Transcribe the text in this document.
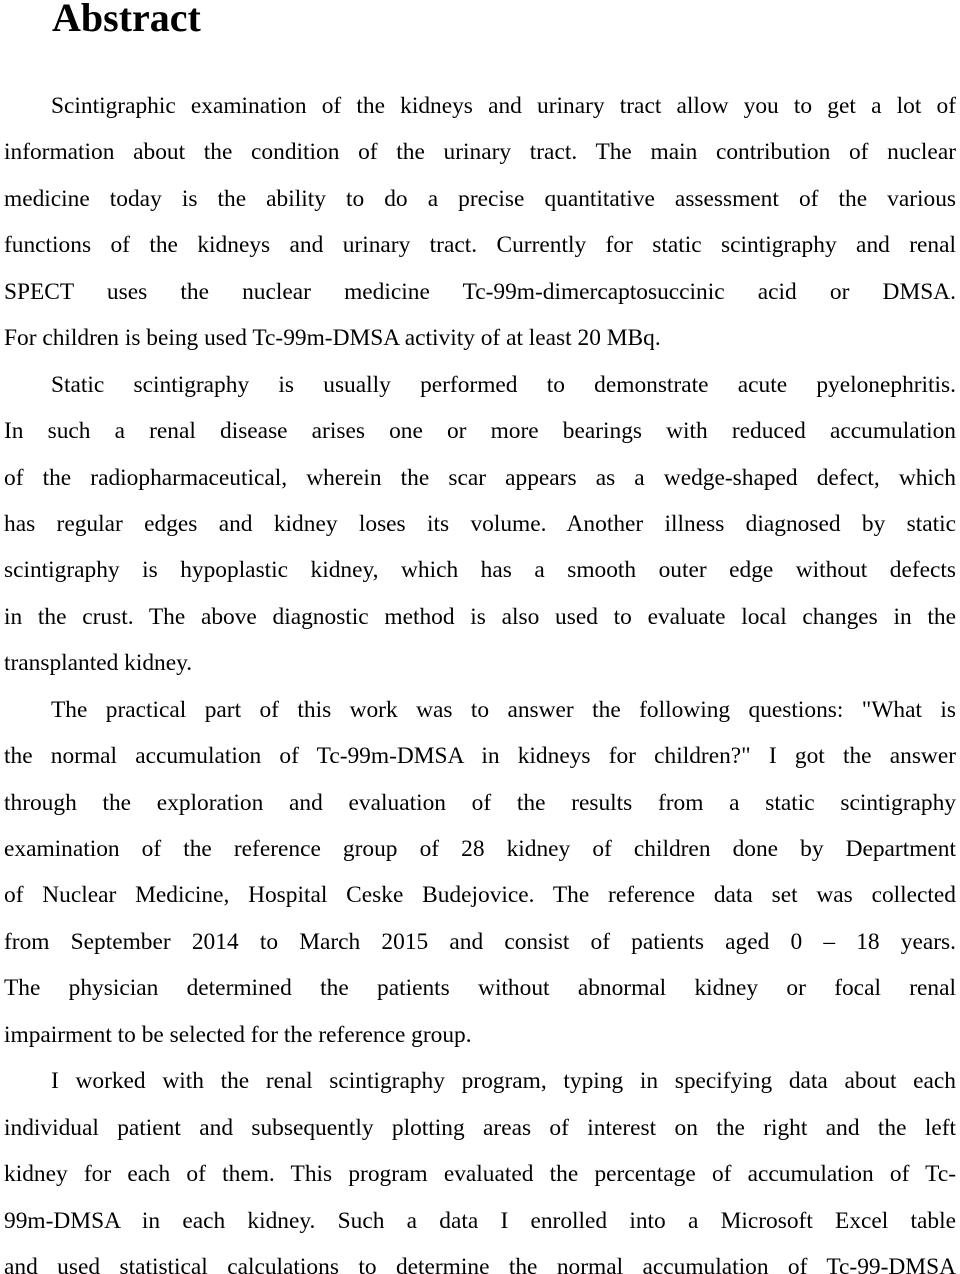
Abstract
Scintigraphic examination of the kidneys and urinary tract allow you to get a lot of
information about the condition of the urinary tract. The main contribution of nuclear
medicine today is the ability to do a precise quantitative assessment of the various
functions of the kidneys and urinary tract. Currently for static scintigraphy and renal
SPECT uses the nuclear medicine Tc-99m-dimercaptosuccinic acid or DMSA.
For children is being used Tc-99m-DMSA activity of at least 20 MBq.
Static scintigraphy is usually performed to demonstrate acute pyelonephritis.
In such a renal disease arises one or more bearings with reduced accumulation
of the radiopharmaceutical, wherein the scar appears as a wedge-shaped defect, which
has regular edges and kidney loses its volume. Another illness diagnosed by static
scintigraphy is hypoplastic kidney, which has a smooth outer edge without defects
in the crust. The above diagnostic method is also used to evaluate local changes in the
transplanted kidney.
The practical part of this work was to answer the following questions: "What is
the normal accumulation of Tc-99m-DMSA in kidneys for children?" I got the answer
through the exploration and evaluation of the results from a static scintigraphy
examination of the reference group of 28 kidney of children done by Department
of Nuclear Medicine, Hospital Ceske Budejovice. The reference data set was collected
from September 2014 to March 2015 and consist of patients aged 0 – 18 years.
The physician determined the patients without abnormal kidney or focal renal
impairment to be selected for the reference group.
I worked with the renal scintigraphy program, typing in specifying data about each
individual patient and subsequently plotting areas of interest on the right and the left
kidney for each of them. This program evaluated the percentage of accumulation of Tc-
99m-DMSA in each kidney. Such a data I enrolled into a Microsoft Excel table
and used statistical calculations to determine the normal accumulation of Tc-99-DMSA
